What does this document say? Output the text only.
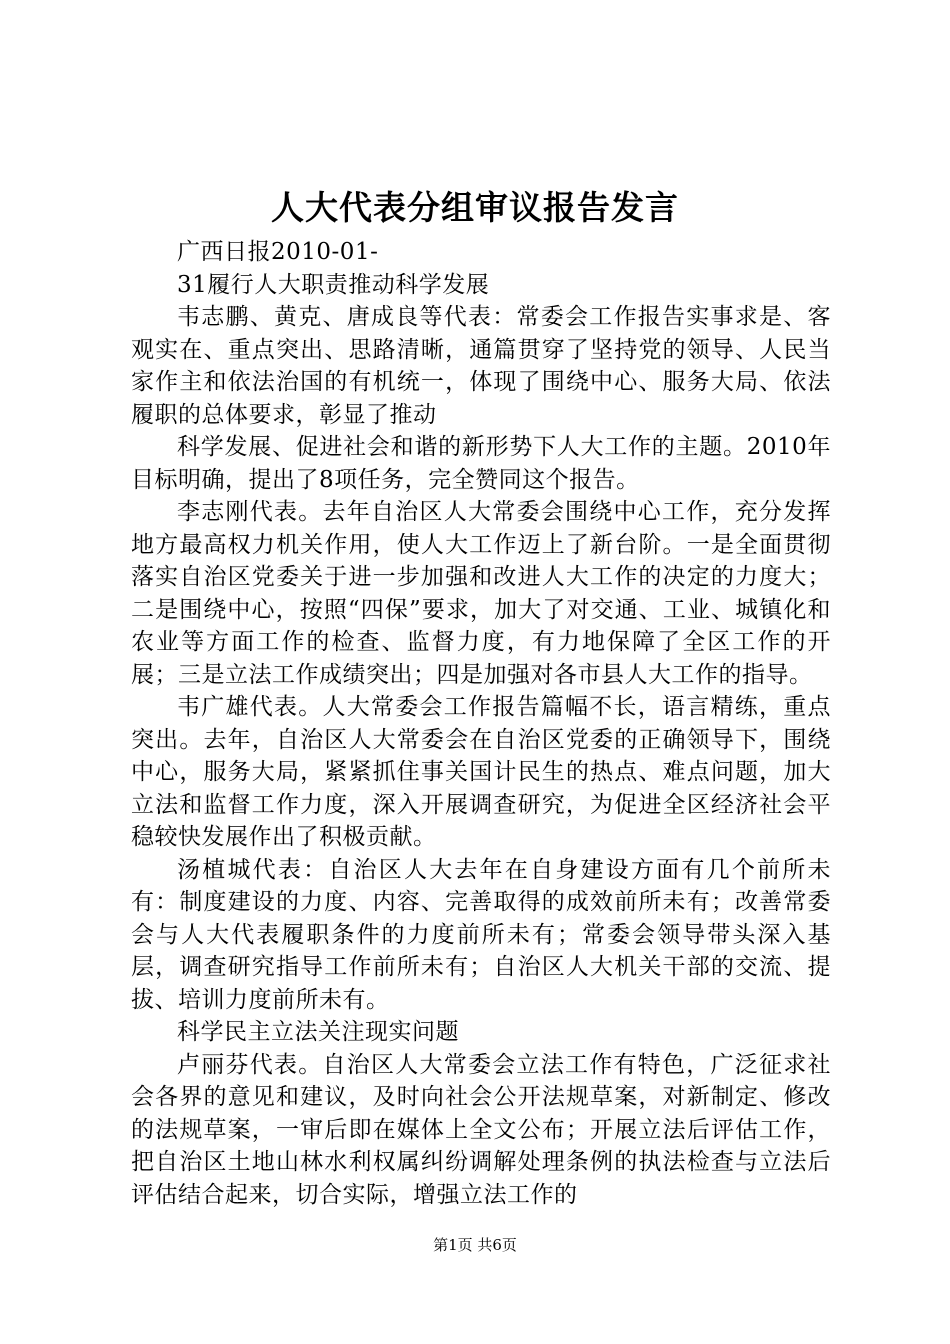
人大代表分组审议报告发言

广西日报2010-01-

31履行人大职责推动科学发展

韦志鹏、黄克、唐成良等代表：常委会工作报告实事求是、客观实在、重点突出、思路清晰，通篇贯穿了坚持党的领导、人民当家作主和依法治国的有机统一，体现了围绕中心、服务大局、依法履职的总体要求，彰显了推动

科学发展、促进社会和谐的新形势下人大工作的主题。2010年目标明确，提出了8项任务，完全赞同这个报告。

李志刚代表。去年自治区人大常委会围绕中心工作，充分发挥地方最高权力机关作用，使人大工作迈上了新台阶。一是全面贯彻落实自治区党委关于进一步加强和改进人大工作的决定的力度大；二是围绕中心，按照“四保”要求，加大了对交通、工业、城镇化和农业等方面工作的检查、监督力度，有力地保障了全区工作的开展；三是立法工作成绩突出；四是加强对各市县人大工作的指导。

韦广雄代表。人大常委会工作报告篇幅不长，语言精练，重点突出。去年，自治区人大常委会在自治区党委的正确领导下，围绕中心，服务大局，紧紧抓住事关国计民生的热点、难点问题，加大立法和监督工作力度，深入开展调查研究，为促进全区经济社会平稳较快发展作出了积极贡献。

汤植城代表：自治区人大去年在自身建设方面有几个前所未有：制度建设的力度、内容、完善取得的成效前所未有；改善常委会与人大代表履职条件的力度前所未有；常委会领导带头深入基层，调查研究指导工作前所未有；自治区人大机关干部的交流、提拔、培训力度前所未有。

科学民主立法关注现实问题

卢丽芬代表。自治区人大常委会立法工作有特色，广泛征求社会各界的意见和建议，及时向社会公开法规草案，对新制定、修改的法规草案，一审后即在媒体上全文公布；开展立法后评估工作，把自治区土地山林水利权属纠纷调解处理条例的执法检查与立法后评估结合起来，切合实际，增强立法工作的

第1页 共6页
